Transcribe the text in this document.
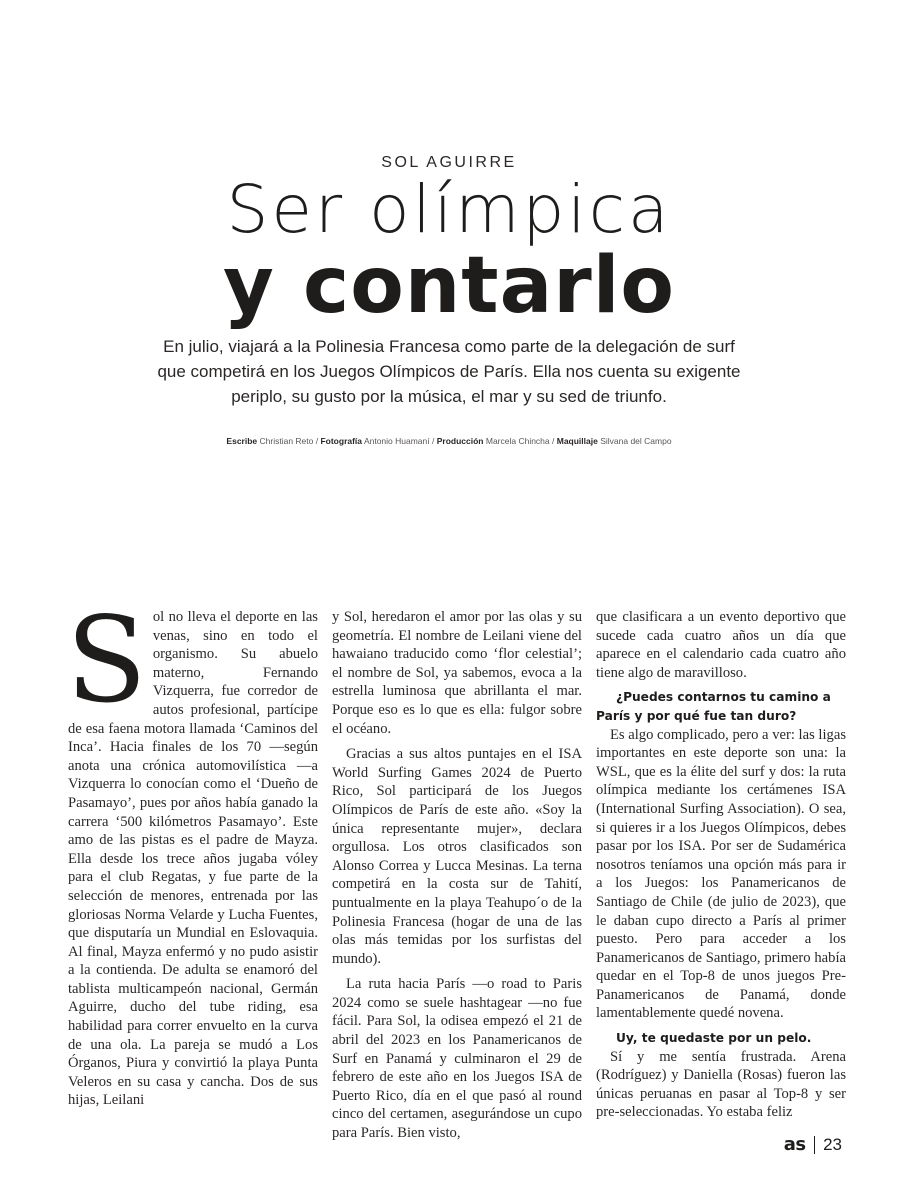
SOL AGUIRRE
Ser olímpica
y contarlo
En julio, viajará a la Polinesia Francesa como parte de la delegación de surf que competirá en los Juegos Olímpicos de París. Ella nos cuenta su exigente periplo, su gusto por la música, el mar y su sed de triunfo.
Escribe Christian Reto / Fotografía Antonio Huamaní / Producción Marcela Chincha / Maquillaje Silvana del Campo
S ol no lleva el deporte en las venas, sino en todo el organismo. Su abuelo materno, Fernando Vizquerra, fue corredor de autos profesional, partícipe de esa faena motora llamada ‘Caminos del Inca’. Hacia finales de los 70 —según anota una crónica automovilística —a Vizquerra lo conocían como el ‘Dueño de Pasamayo’, pues por años había ganado la carrera ‘500 kilómetros Pasamayo’. Este amo de las pistas es el padre de Mayza. Ella desde los trece años jugaba vóley para el club Regatas, y fue parte de la selección de menores, entrenada por las gloriosas Norma Velarde y Lucha Fuentes, que disputaría un Mundial en Eslovaquia. Al final, Mayza enfermó y no pudo asistir a la contienda. De adulta se enamoró del tablista multicampeón nacional, Germán Aguirre, ducho del tube riding, esa habilidad para correr envuelto en la curva de una ola. La pareja se mudó a Los Órganos, Piura y convirtió la playa Punta Veleros en su casa y cancha. Dos de sus hijas, Leilani

y Sol, heredaron el amor por las olas y su geometría. El nombre de Leilani viene del hawaiano traducido como ‘flor celestial’; el nombre de Sol, ya sabemos, evoca a la estrella luminosa que abrillanta el mar. Porque eso es lo que es ella: fulgor sobre el océano.

Gracias a sus altos puntajes en el ISA World Surfing Games 2024 de Puerto Rico, Sol participará de los Juegos Olímpicos de París de este año. «Soy la única representante mujer», declara orgullosa. Los otros clasificados son Alonso Correa y Lucca Mesinas. La terna competirá en la costa sur de Tahití, puntualmente en la playa Teahupo´o de la Polinesia Francesa (hogar de una de las olas más temidas por los surfistas del mundo).

La ruta hacia París —o road to Paris 2024 como se suele hashtagear —no fue fácil. Para Sol, la odisea empezó el 21 de abril del 2023 en los Panamericanos de Surf en Panamá y culminaron el 29 de febrero de este año en los Juegos ISA de Puerto Rico, día en el que pasó al round cinco del certamen, asegurándose un cupo para París. Bien visto,

que clasificara a un evento deportivo que sucede cada cuatro años un día que aparece en el calendario cada cuatro año tiene algo de maravilloso.

¿Puedes contarnos tu camino a París y por qué fue tan duro?

Es algo complicado, pero a ver: las ligas importantes en este deporte son una: la WSL, que es la élite del surf y dos: la ruta olímpica mediante los certámenes ISA (International Surfing Association). O sea, si quieres ir a los Juegos Olímpicos, debes pasar por los ISA. Por ser de Sudamérica nosotros teníamos una opción más para ir a los Juegos: los Panamericanos de Santiago de Chile (de julio de 2023), que le daban cupo directo a París al primer puesto. Pero para acceder a los Panamericanos de Santiago, primero había quedar en el Top-8 de unos juegos Pre-Panamericanos de Panamá, donde lamentablemente quedé novena.

Uy, te quedaste por un pelo.

Sí y me sentía frustrada. Arena (Rodríguez) y Daniella (Rosas) fueron las únicas peruanas en pasar al Top-8 y ser pre-seleccionadas. Yo estaba feliz

as 23
